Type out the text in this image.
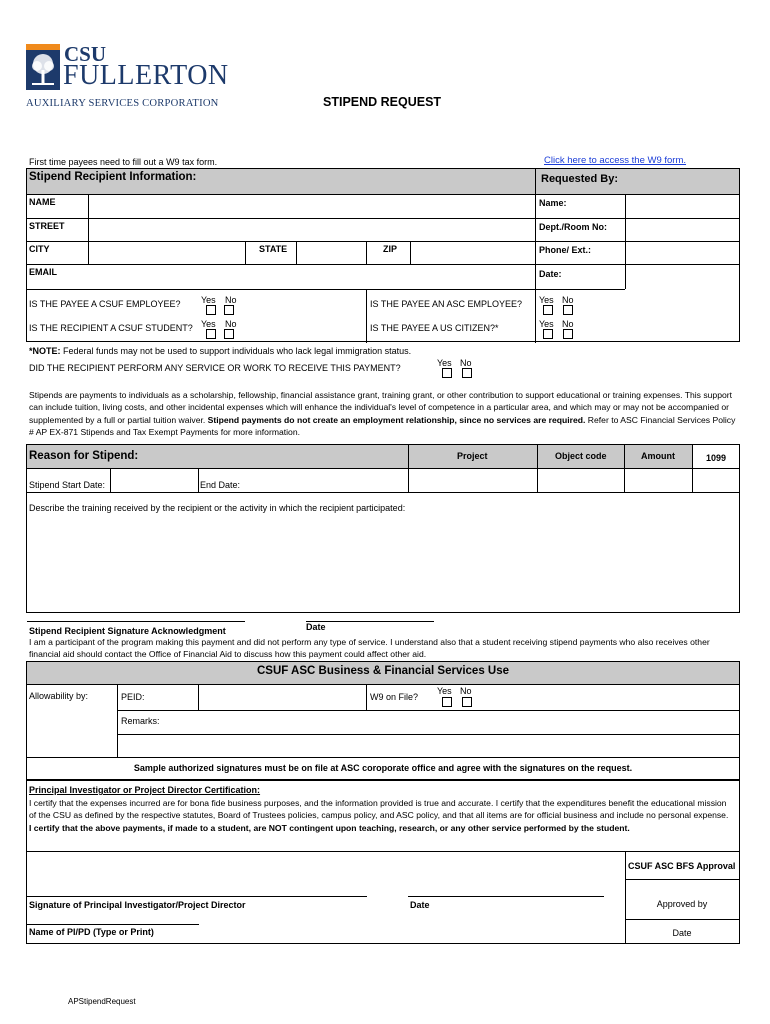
CSU
FULLERTON
AUXILIARY SERVICES CORPORATION	STIPEND REQUEST
First time payees need to fill out a W9 tax form.	Click here to access the W9 form.
Stipend Recipient Information:	Requested By:
NAME
STREET
CITY	STATE	ZIP
EMAIL
Name:
Dept./Room No:
Phone/ Ext.:
Date:
IS THE PAYEE A CSUF EMPLOYEE? Yes No	IS THE PAYEE AN ASC EMPLOYEE? Yes No
IS THE RECIPIENT A CSUF STUDENT? Yes No	IS THE PAYEE A US CITIZEN?*	Yes No
*NOTE: Federal funds may not be used to support individuals who lack legal immigration status.
DID THE RECIPIENT PERFORM ANY SERVICE OR WORK TO RECEIVE THIS PAYMENT?	Yes No
Stipends are payments to individuals as a scholarship, fellowship, financial assistance grant, training grant, or other contribution to support educational or training expenses. This support can include tuition, living costs, and other incidental expenses which will enhance the individual's level of competence in a particular area, and which may or may not be accompanied or supplemented by a full or partial tuition waiver. Stipend payments do not create an employment relationship, since no services are required. Refer to ASC Financial Services Policy # AP EX-871 Stipends and Tax Exempt Payments for more information.
Reason for Stipend:	Project	Object code	Amount	1099
Stipend Start Date:	End Date:
Describe the training received by the recipient or the activity in which the recipient participated:
Stipend Recipient Signature Acknowledgment	Date
I am a participant of the program making this payment and did not perform any type of service. I understand also that a student receiving stipend payments who also receives other financial aid should contact the Office of Financial Aid to discuss how this payment could affect other aid.
CSUF ASC Business & Financial Services Use
Allowability by:	PEID:	W9 on File?
Yes No
Remarks:
Sample authorized signatures must be on file at ASC coroporate office and agree with the signatures on the request.
Principal Investigator or Project Director Certification:
I certify that the expenses incurred are for bona fide business purposes, and the information provided is true and accurate. I certify that the expenditures benefit the educational mission of the CSU as defined by the respective statutes, Board of Trustees policies, campus policy, and ASC policy, and that all items are for official business and include no personal expense. I certify that the above payments, if made to a student, are NOT contingent upon teaching, research, or any other service performed by the student.
CSUF ASC BFS Approval
Approved by
Date
Signature of Principal Investigator/Project Director	Date
Name of PI/PD (Type or Print)
APStipendRequest
